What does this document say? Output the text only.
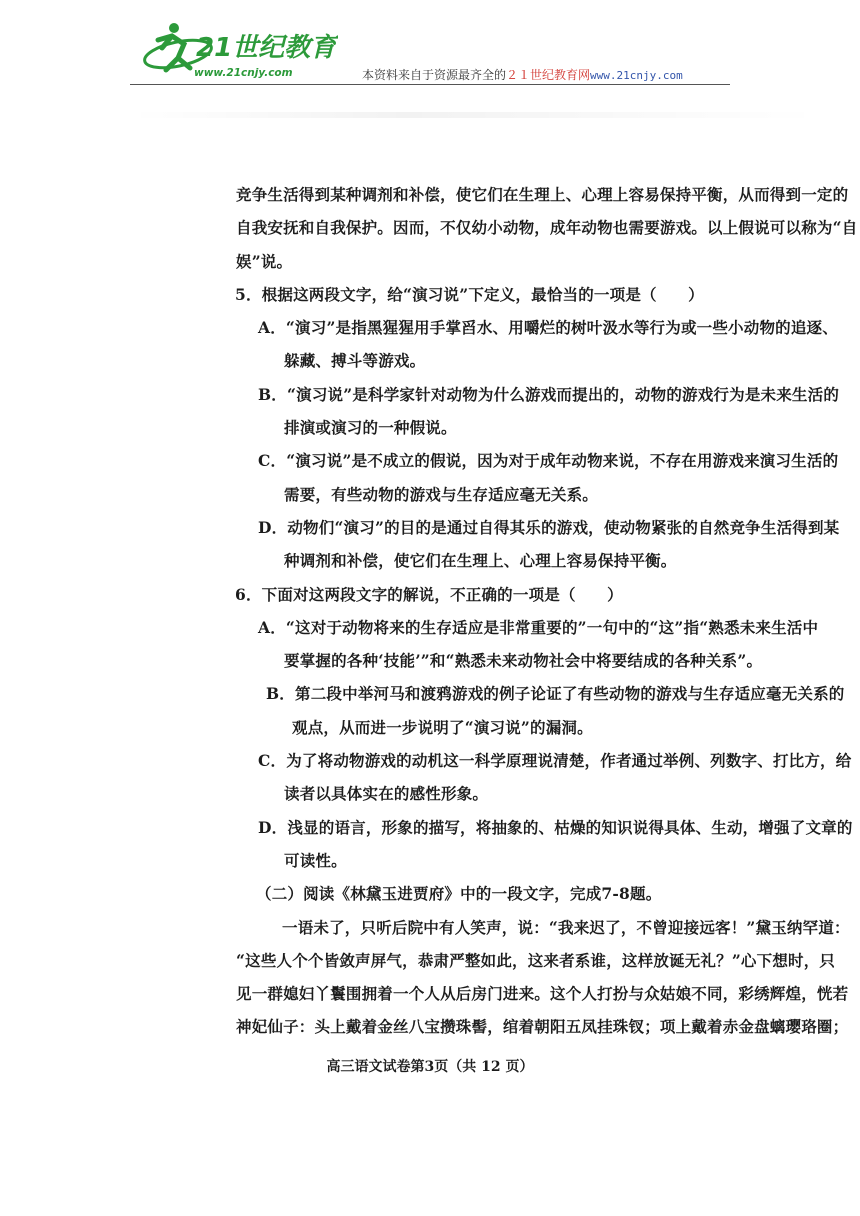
21世纪教育
www.21cnjy.com	本资料来自于资源最齐全的２１世纪教育网www.21cnjy.com
竞争生活得到某种调剂和补偿，使它们在生理上、心理上容易保持平衡，从而得到一定的
自我安抚和自我保护。因而，不仅幼小动物，成年动物也需要游戏。以上假说可以称为“自
娱”说。
5．根据这两段文字，给“演习说”下定义，最恰当的一项是（　　）
A．“演习”是指黑猩猩用手掌舀水、用嚼烂的树叶汲水等行为或一些小动物的追逐、
躲藏、搏斗等游戏。
B．“演习说”是科学家针对动物为什么游戏而提出的，动物的游戏行为是未来生活的
排演或演习的一种假说。
C．“演习说”是不成立的假说，因为对于成年动物来说，不存在用游戏来演习生活的
需要，有些动物的游戏与生存适应毫无关系。
D．动物们“演习”的目的是通过自得其乐的游戏，使动物紧张的自然竞争生活得到某
种调剂和补偿，使它们在生理上、心理上容易保持平衡。
6．下面对这两段文字的解说，不正确的一项是（　　）
A．“这对于动物将来的生存适应是非常重要的”一句中的“这”指“熟悉未来生活中
要掌握的各种‘技能’”和“熟悉未来动物社会中将要结成的各种关系”。
B．第二段中举河马和渡鸦游戏的例子论证了有些动物的游戏与生存适应毫无关系的
观点，从而进一步说明了“演习说”的漏洞。
C．为了将动物游戏的动机这一科学原理说清楚，作者通过举例、列数字、打比方，给
读者以具体实在的感性形象。
D．浅显的语言，形象的描写，将抽象的、枯燥的知识说得具体、生动，增强了文章的
可读性。
（二）阅读《林黛玉进贾府》中的一段文字，完成7-8题。
一语未了，只听后院中有人笑声，说：“我来迟了，不曾迎接远客！”黛玉纳罕道：
“这些人个个皆敛声屏气，恭肃严整如此，这来者系谁，这样放诞无礼？”心下想时，只
见一群媳妇丫鬟围拥着一个人从后房门进来。这个人打扮与众姑娘不同，彩绣辉煌，恍若
神妃仙子：头上戴着金丝八宝攒珠髻，绾着朝阳五凤挂珠钗；项上戴着赤金盘螭璎珞圈；
高三语文试卷第3页（共 12 页）
